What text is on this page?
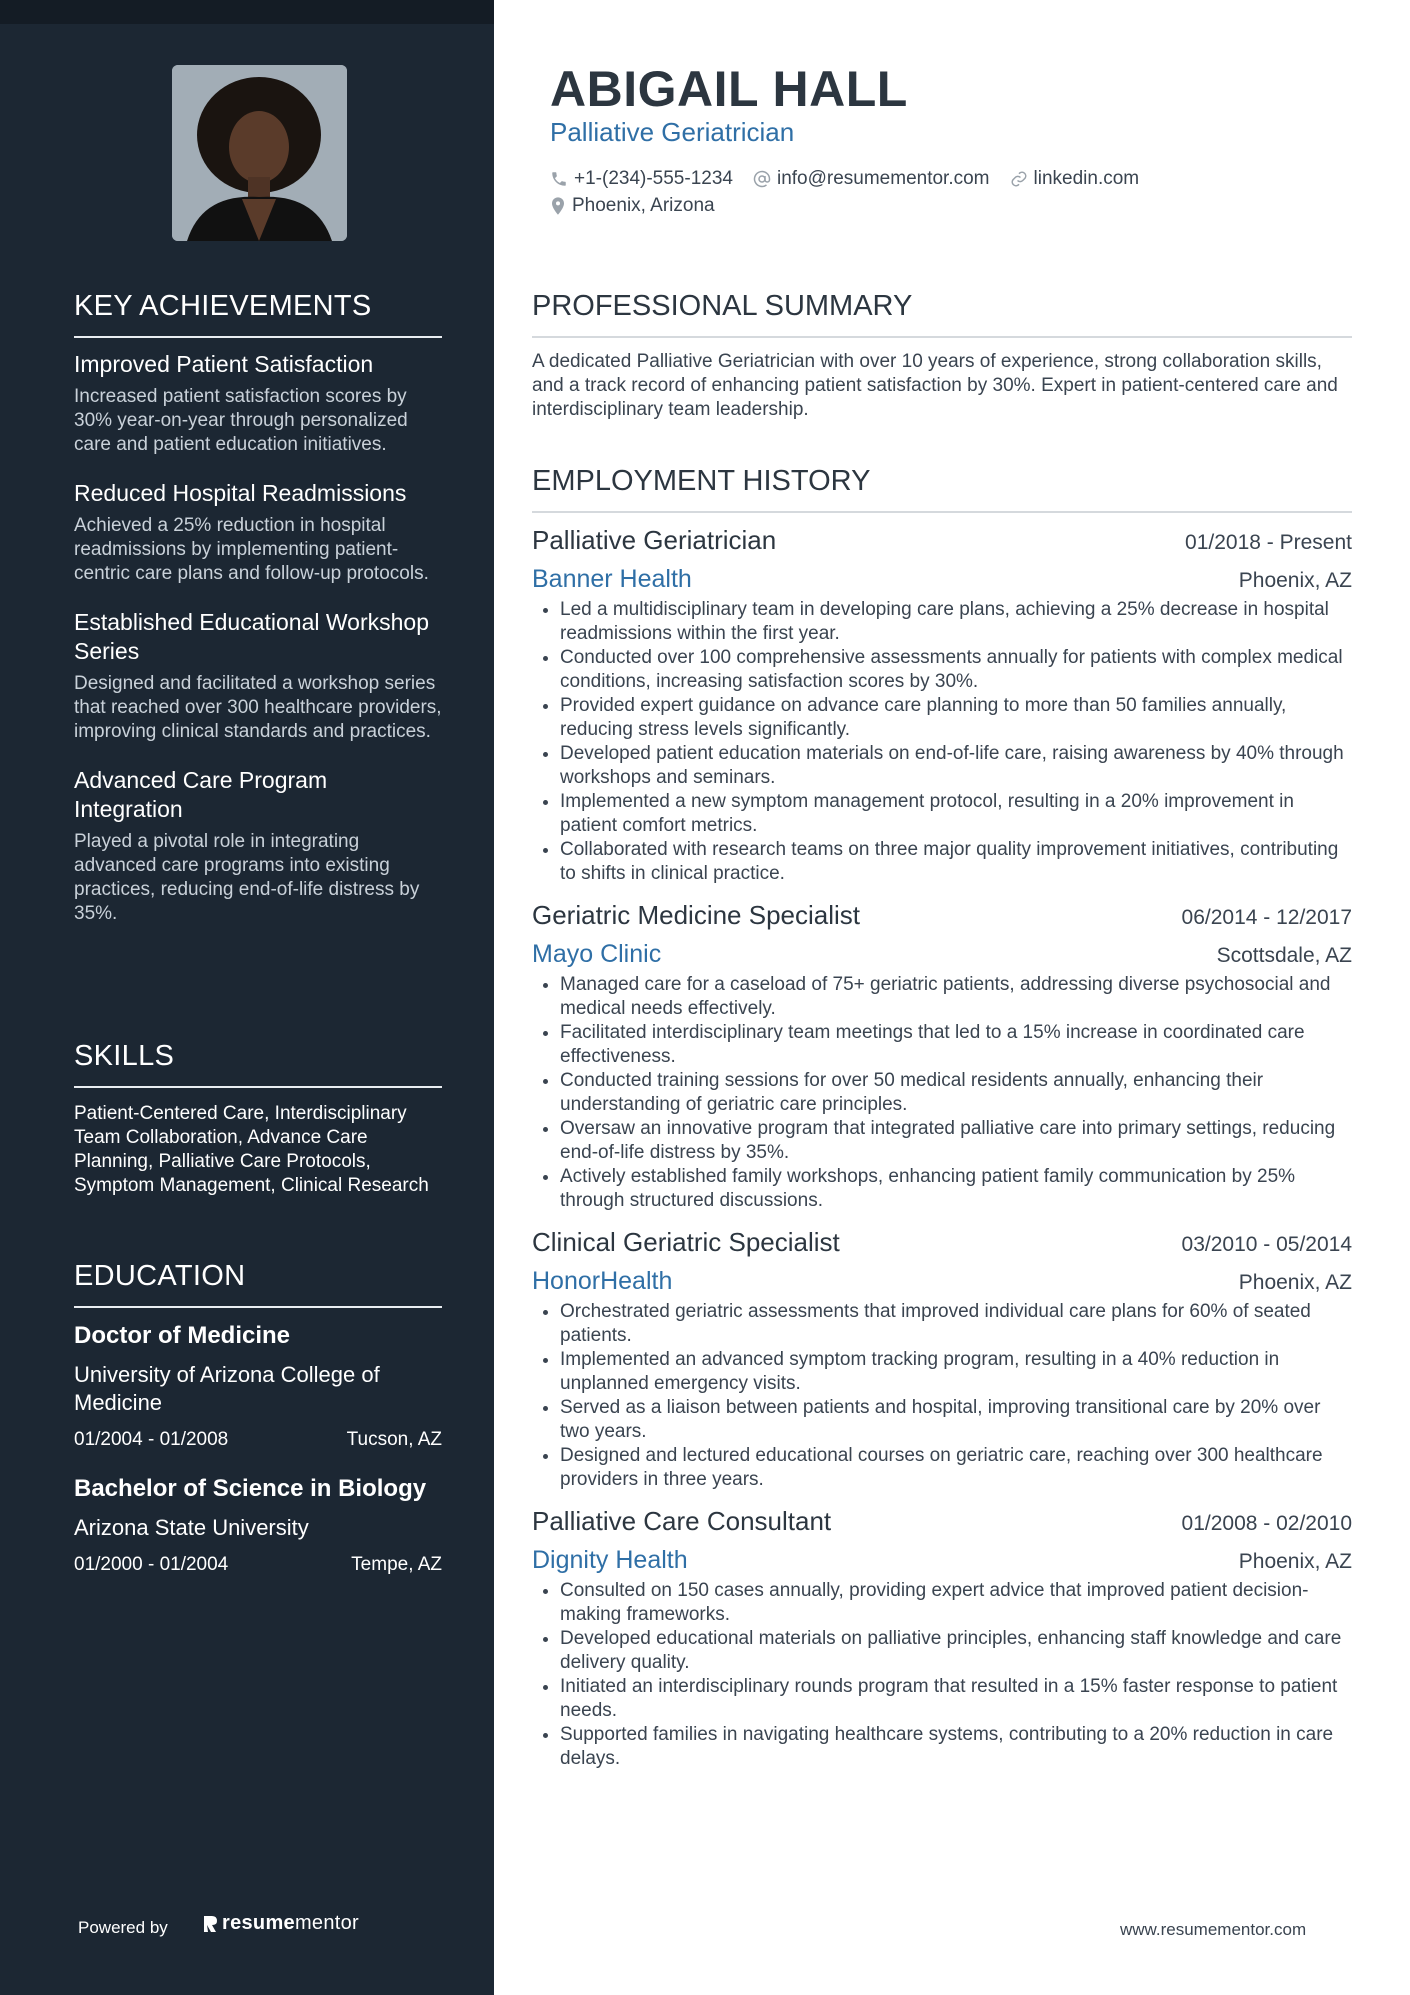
KEY ACHIEVEMENTS
Improved Patient Satisfaction
Increased patient satisfaction scores by 30% year-on-year through personalized care and patient education initiatives.
Reduced Hospital Readmissions
Achieved a 25% reduction in hospital readmissions by implementing patient-centric care plans and follow-up protocols.
Established Educational Workshop Series
Designed and facilitated a workshop series that reached over 300 healthcare providers, improving clinical standards and practices.
Advanced Care Program Integration
Played a pivotal role in integrating advanced care programs into existing practices, reducing end-of-life distress by 35%.
SKILLS
Patient-Centered Care, Interdisciplinary Team Collaboration, Advance Care Planning, Palliative Care Protocols, Symptom Management, Clinical Research
EDUCATION
Doctor of Medicine
University of Arizona College of Medicine
01/2004 - 01/2008	Tucson, AZ
Bachelor of Science in Biology
Arizona State University
01/2000 - 01/2004	Tempe, AZ
Powered by	resume mentor
ABIGAIL HALL
Palliative Geriatrician
+1-(234)-555-1234 info@resumementor.com linkedin.com
Phoenix, Arizona
PROFESSIONAL SUMMARY
A dedicated Palliative Geriatrician with over 10 years of experience, strong collaboration skills, and a track record of enhancing patient satisfaction by 30%. Expert in patient-centered care and interdisciplinary team leadership.
EMPLOYMENT HISTORY
Palliative Geriatrician	01/2018 - Present
Banner Health	Phoenix, AZ
• Led a multidisciplinary team in developing care plans, achieving a 25% decrease in hospital readmissions within the first year.
• Conducted over 100 comprehensive assessments annually for patients with complex medical conditions, increasing satisfaction scores by 30%.
• Provided expert guidance on advance care planning to more than 50 families annually, reducing stress levels significantly.
• Developed patient education materials on end-of-life care, raising awareness by 40% through workshops and seminars.
• Implemented a new symptom management protocol, resulting in a 20% improvement in patient comfort metrics.
• Collaborated with research teams on three major quality improvement initiatives, contributing to shifts in clinical practice.
Geriatric Medicine Specialist	06/2014 - 12/2017
Mayo Clinic	Scottsdale, AZ
• Managed care for a caseload of 75+ geriatric patients, addressing diverse psychosocial and medical needs effectively.
• Facilitated interdisciplinary team meetings that led to a 15% increase in coordinated care effectiveness.
• Conducted training sessions for over 50 medical residents annually, enhancing their understanding of geriatric care principles.
• Oversaw an innovative program that integrated palliative care into primary settings, reducing end-of-life distress by 35%.
• Actively established family workshops, enhancing patient family communication by 25% through structured discussions.
Clinical Geriatric Specialist	03/2010 - 05/2014
HonorHealth	Phoenix, AZ
• Orchestrated geriatric assessments that improved individual care plans for 60% of seated patients.
• Implemented an advanced symptom tracking program, resulting in a 40% reduction in unplanned emergency visits.
• Served as a liaison between patients and hospital, improving transitional care by 20% over two years.
• Designed and lectured educational courses on geriatric care, reaching over 300 healthcare providers in three years.
Palliative Care Consultant	01/2008 - 02/2010
Dignity Health	Phoenix, AZ
• Consulted on 150 cases annually, providing expert advice that improved patient decision-making frameworks.
• Developed educational materials on palliative principles, enhancing staff knowledge and care delivery quality.
• Initiated an interdisciplinary rounds program that resulted in a 15% faster response to patient needs.
• Supported families in navigating healthcare systems, contributing to a 20% reduction in care delays.
www.resumementor.com
